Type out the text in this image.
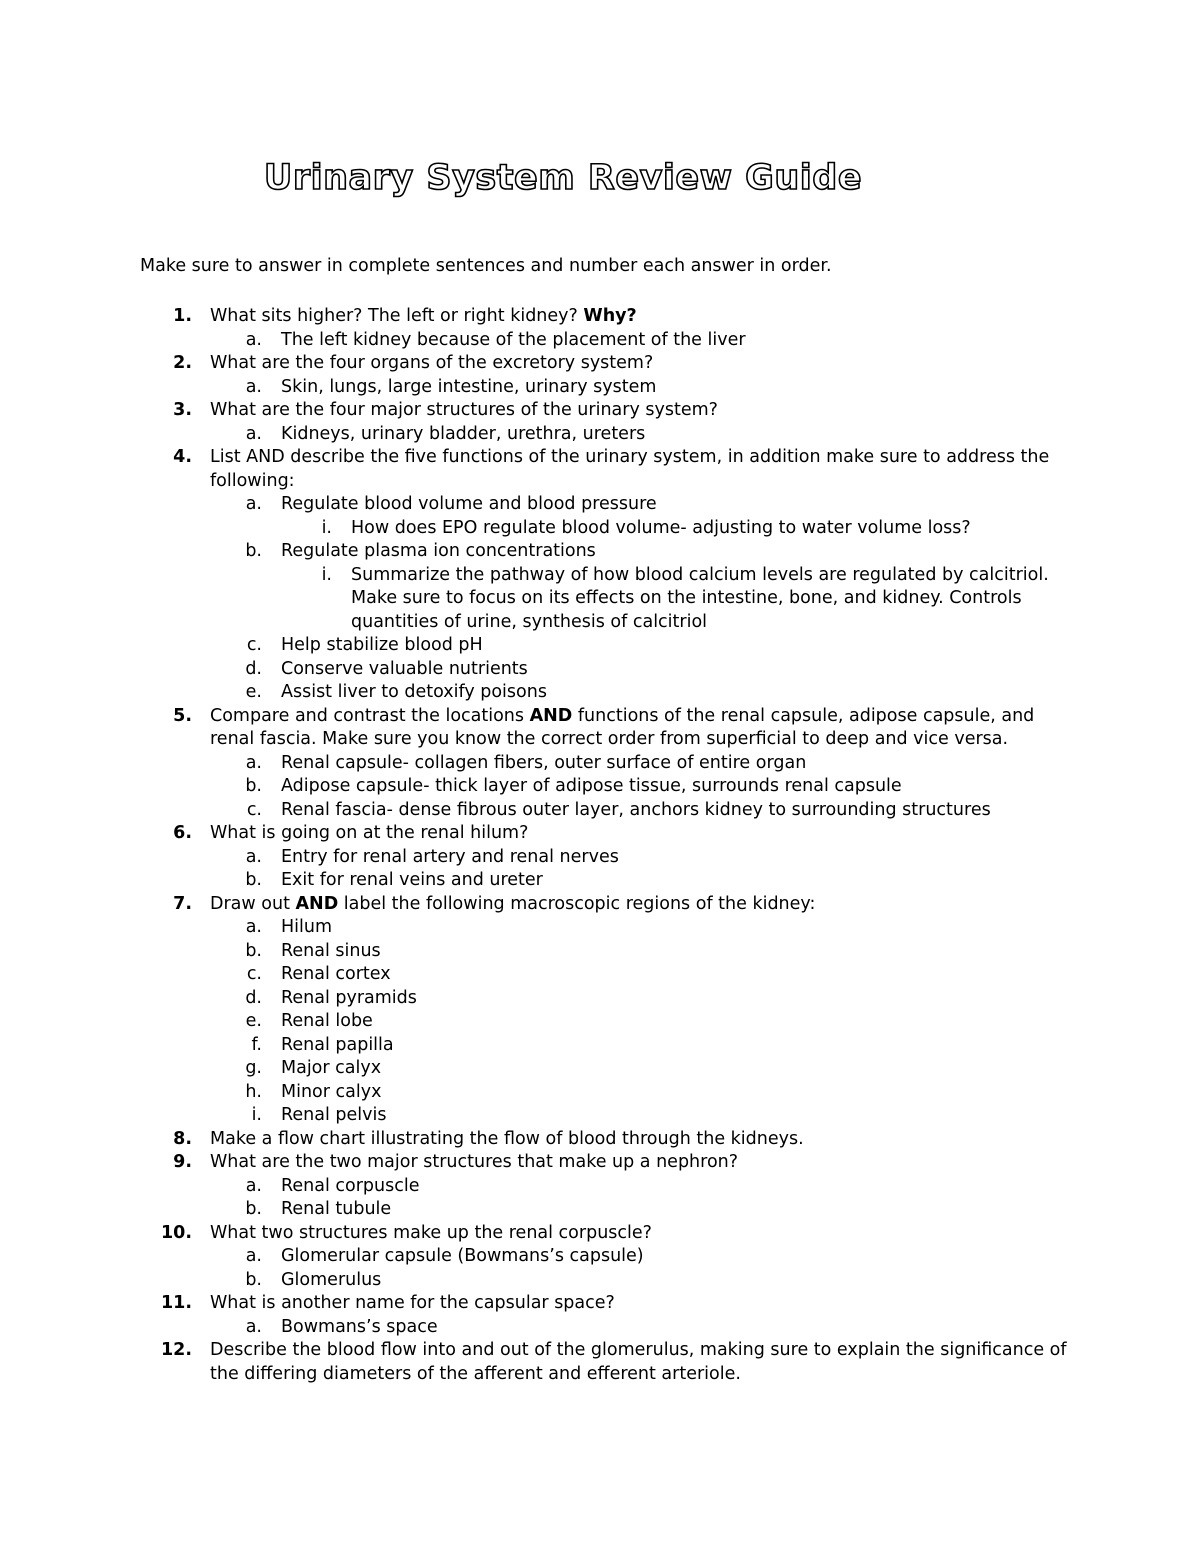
Urinary System Review Guide

Make sure to answer in complete sentences and number each answer in order.

1. What sits higher? The left or right kidney? Why?
a. The left kidney because of the placement of the liver
2. What are the four organs of the excretory system?
a. Skin, lungs, large intestine, urinary system
3. What are the four major structures of the urinary system?
a. Kidneys, urinary bladder, urethra, ureters
4. List AND describe the five functions of the urinary system, in addition make sure to address the
following:
a. Regulate blood volume and blood pressure
i. How does EPO regulate blood volume- adjusting to water volume loss?
b. Regulate plasma ion concentrations
i. Summarize the pathway of how blood calcium levels are regulated by calcitriol.
Make sure to focus on its effects on the intestine, bone, and kidney. Controls
quantities of urine, synthesis of calcitriol
c. Help stabilize blood pH
d. Conserve valuable nutrients
e. Assist liver to detoxify poisons
5. Compare and contrast the locations AND functions of the renal capsule, adipose capsule, and
renal fascia. Make sure you know the correct order from superficial to deep and vice versa.
a. Renal capsule- collagen fibers, outer surface of entire organ
b. Adipose capsule- thick layer of adipose tissue, surrounds renal capsule
c. Renal fascia- dense fibrous outer layer, anchors kidney to surrounding structures
6. What is going on at the renal hilum?
a. Entry for renal artery and renal nerves
b. Exit for renal veins and ureter
7. Draw out AND label the following macroscopic regions of the kidney:
a. Hilum
b. Renal sinus
c. Renal cortex
d. Renal pyramids
e. Renal lobe
f. Renal papilla
g. Major calyx
h. Minor calyx
i. Renal pelvis
8. Make a flow chart illustrating the flow of blood through the kidneys.
9. What are the two major structures that make up a nephron?
a. Renal corpuscle
b. Renal tubule
10. What two structures make up the renal corpuscle?
a. Glomerular capsule (Bowmans’s capsule)
b. Glomerulus
11. What is another name for the capsular space?
a. Bowmans’s space
12. Describe the blood flow into and out of the glomerulus, making sure to explain the significance of
the differing diameters of the afferent and efferent arteriole.
